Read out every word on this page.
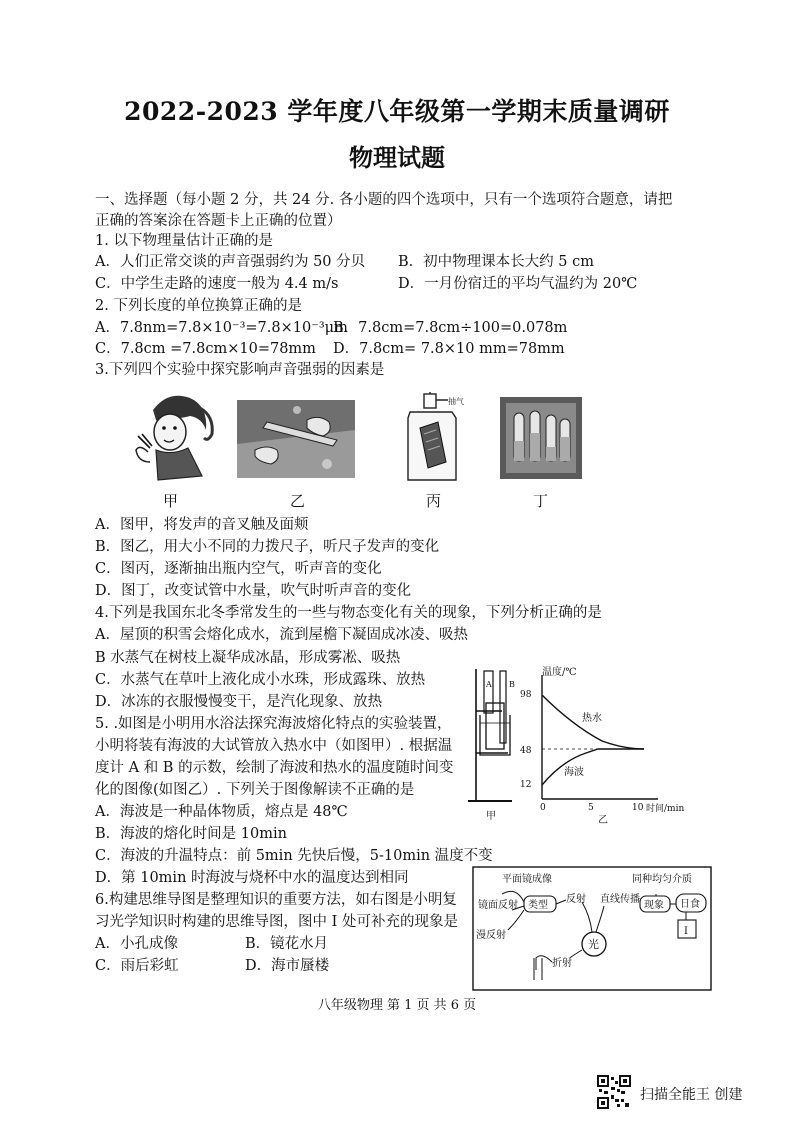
2022-2023 学年度八年级第一学期末质量调研
物理试题
一、选择题（每小题 2 分，共 24 分. 各小题的四个选项中，只有一个选项符合题意，请把
正确的答案涂在答题卡上正确的位置）
1. 以下物理量估计正确的是
A．人们正常交谈的声音强弱约为 50 分贝 B．初中物理课本长大约 5 cm
C．中学生走路的速度一般为 4.4 m/s	D．一月份宿迁的平均气温约为 20℃
2. 下列长度的单位换算正确的是
A．7.8nm=7.8×10⁻³=7.8×10⁻³μm
B．7.8cm=7.8cm÷100=0.078m
C．7.8cm =7.8cm×10=78mm D．7.8cm= 7.8×10 mm=78mm
3.下列四个实验中探究影响声音强弱的因素是
甲	乙
抽气
丙	丁
A．图甲，将发声的音叉触及面颊
B．图乙，用大小不同的力拨尺子，听尺子发声的变化
C．图丙，逐渐抽出瓶内空气，听声音的变化
D．图丁，改变试管中水量，吹气时听声音的变化
4.下列是我国东北冬季常发生的一些与物态变化有关的现象，下列分析正确的是
A．屋顶的积雪会熔化成水，流到屋檐下凝固成冰凌、吸热
B 水蒸气在树枝上凝华成冰晶，形成雾凇、吸热
C．水蒸气在草叶上液化成小水珠，形成露珠、放热
D．冰冻的衣服慢慢变干，是汽化现象、放热
5. .如图是小明用水浴法探究海波熔化特点的实验装置，
小明将装有海波的大试管放入热水中（如图甲）. 根据温
度计 A 和 B 的示数，绘制了海波和热水的温度随时间变
化的图像(如图乙）. 下列关于图像解读不正确的是
A．海波是一种晶体物质，熔点是 48℃
B．海波的熔化时间是 10min
C．海波的升温特点：前 5min 先快后慢，5-10min 温度不变
D．第 10min 时海波与烧杯中水的温度达到相同
A B
甲
温度/℃
时间/min
98
48
12
0	5	10
热水
海波
乙
6.构建思维导图是整理知识的重要方法，如右图是小明复
习光学知识时构建的思维导图，图中 I 处可补充的现象是
A．小孔成像	B．镜花水月
C．雨后彩虹	D．海市蜃楼
平面镜成像
镜面反射 类型
反射
漫反射
光
折射
直线传播
同种均匀介质
现象 日食
I
八年级物理 第 1 页 共 6 页
扫描全能王 创建
